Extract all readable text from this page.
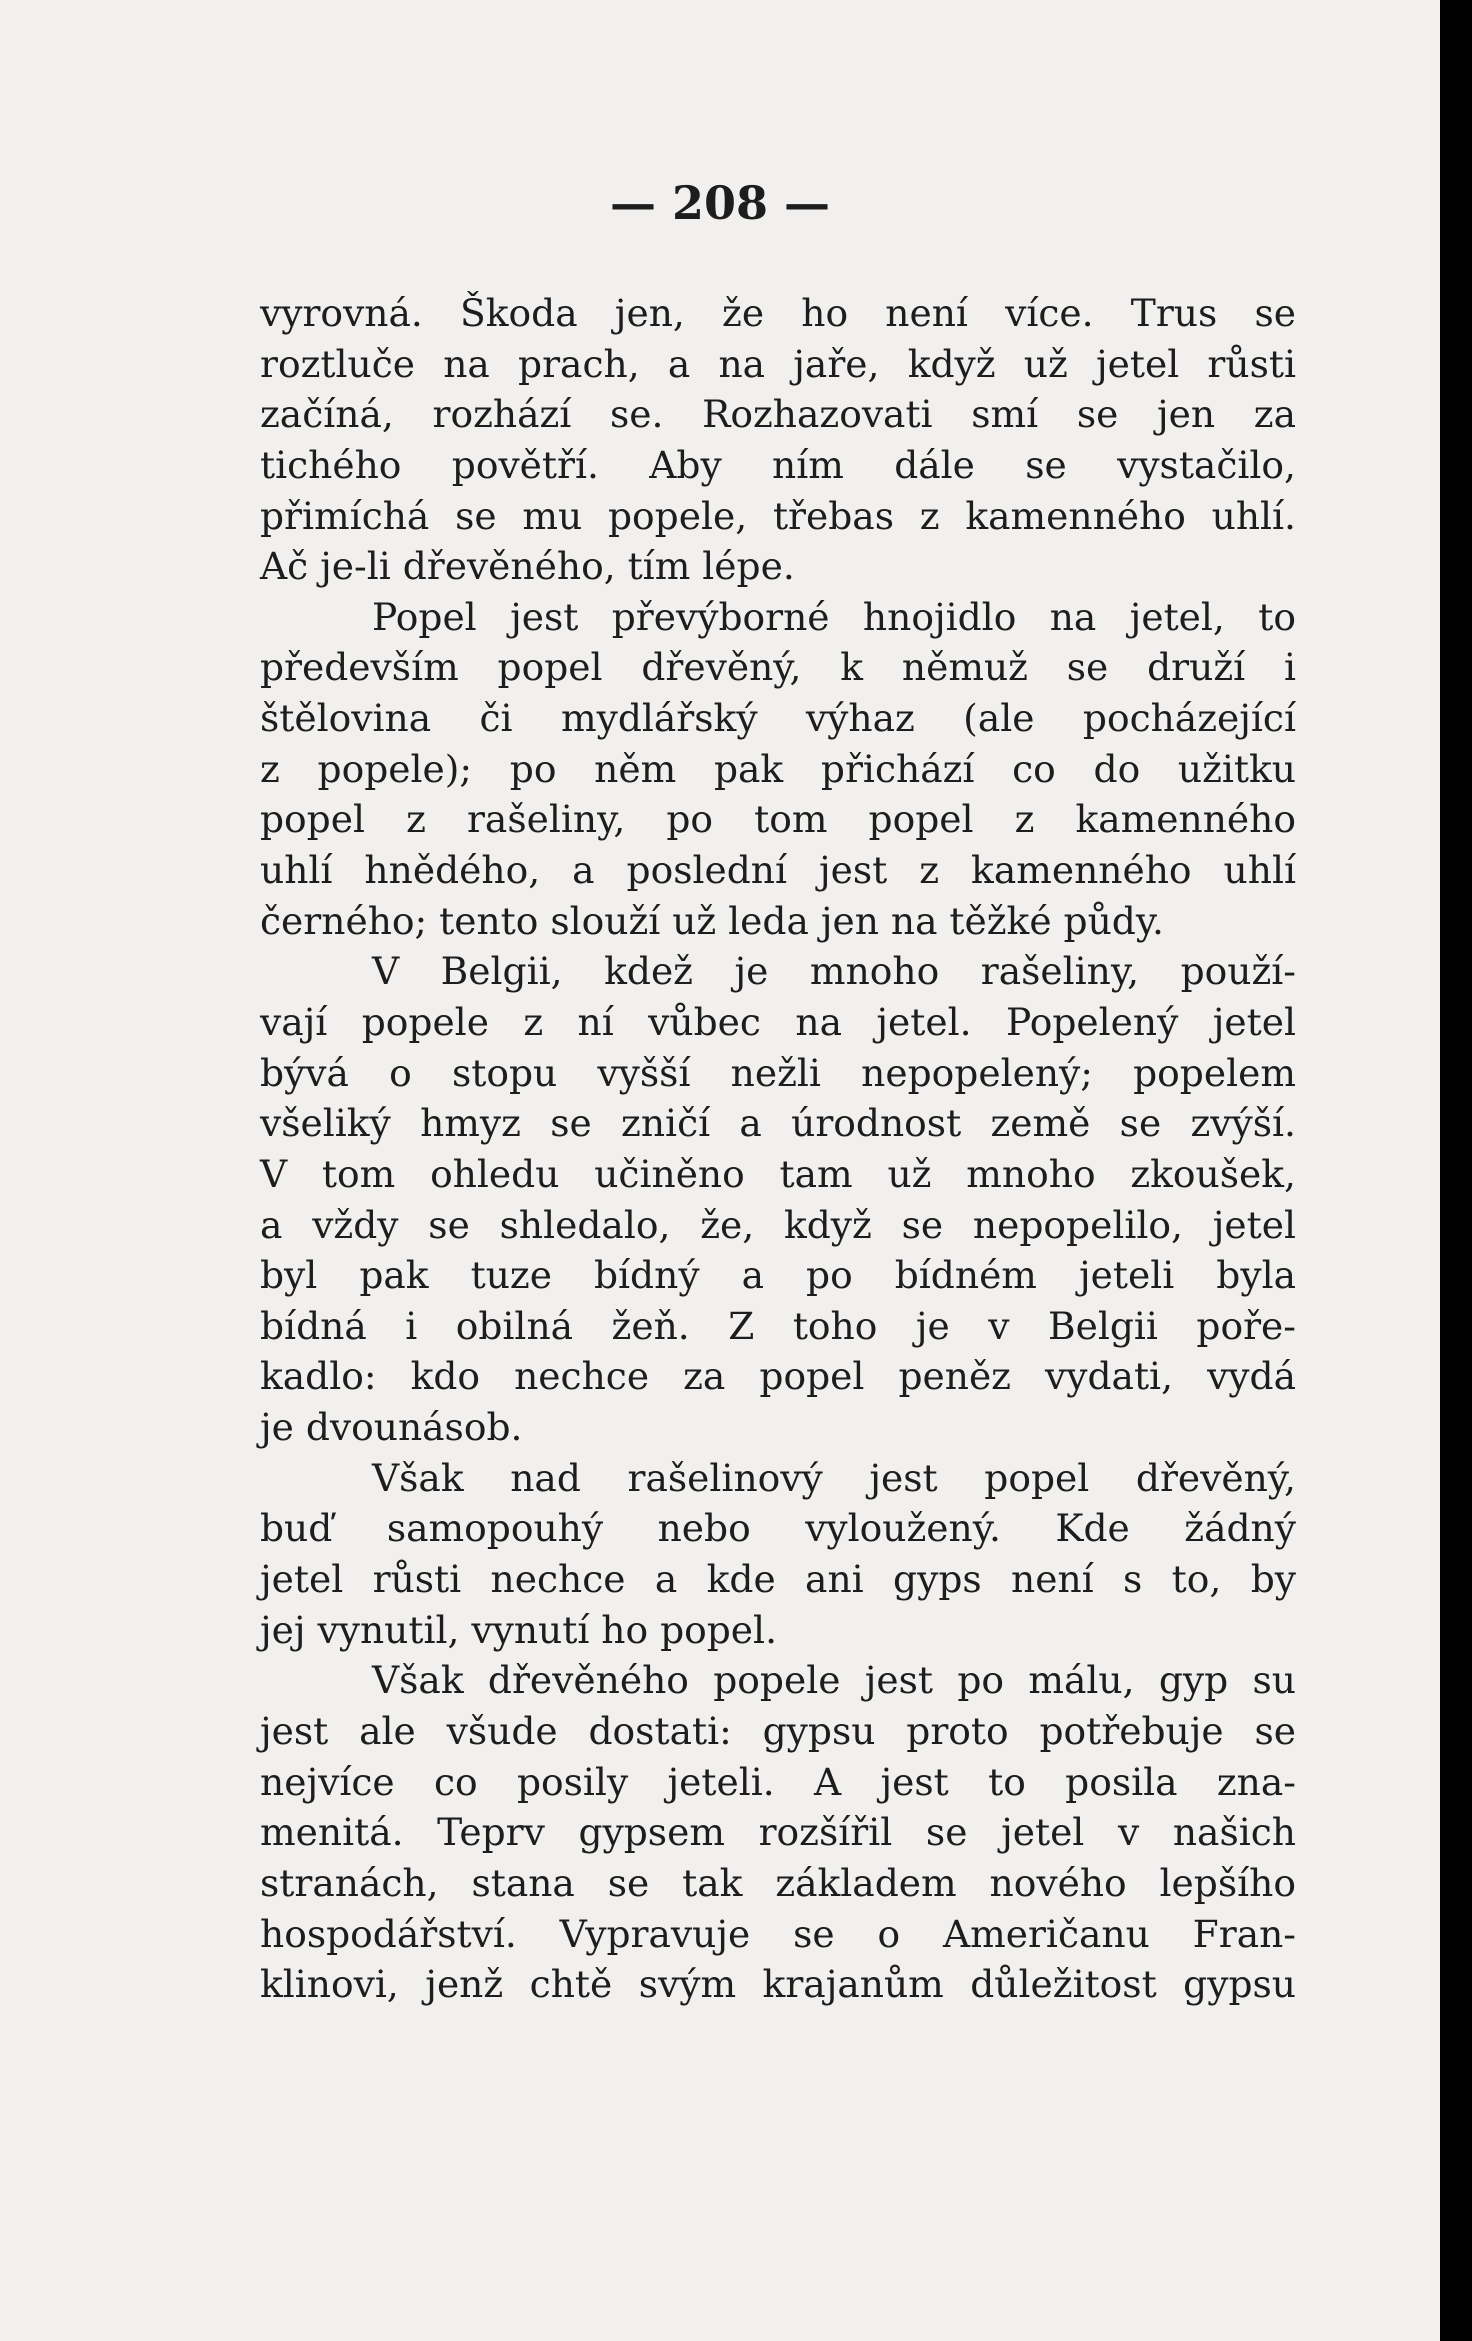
— 208 —
vyrovná. Škoda jen, že ho není více. Trus se
roztluče na prach, a na jaře, když už jetel růsti
začíná, rozhází se. Rozhazovati smí se jen za
tichého povětří. Aby ním dále se vystačilo,
přimíchá se mu popele, třebas z kamenného uhlí.
Ač je-li dřevěného, tím lépe.
Popel jest převýborné hnojidlo na jetel, to
především popel dřevěný, k němuž se druží i
štělovina či mydlářský výhaz (ale pocházející
z popele); po něm pak přichází co do užitku
popel z rašeliny, po tom popel z kamenného
uhlí hnědého, a poslední jest z kamenného uhlí
černého; tento slouží už leda jen na těžké půdy.
V Belgii, kdež je mnoho rašeliny, použí-
vají popele z ní vůbec na jetel. Popelený jetel
bývá o stopu vyšší nežli nepopelený; popelem
všeliký hmyz se zničí a úrodnost země se zvýší.
V tom ohledu učiněno tam už mnoho zkoušek,
a vždy se shledalo, že, když se nepopelilo, jetel
byl pak tuze bídný a po bídném jeteli byla
bídná i obilná žeň. Z toho je v Belgii poře-
kadlo: kdo nechce za popel peněz vydati, vydá
je dvounásob.
Však nad rašelinový jest popel dřevěný,
buď samopouhý nebo vyloužený. Kde žádný
jetel růsti nechce a kde ani gyps není s to, by
jej vynutil, vynutí ho popel.
Však dřevěného popele jest po málu, gyp su
jest ale všude dostati: gypsu proto potřebuje se
nejvíce co posily jeteli. A jest to posila zna-
menitá. Teprv gypsem rozšířil se jetel v našich
stranách, stana se tak základem nového lepšího
hospodářství. Vypravuje se o Američanu Fran-
klinovi, jenž chtě svým krajanům důležitost gypsu
